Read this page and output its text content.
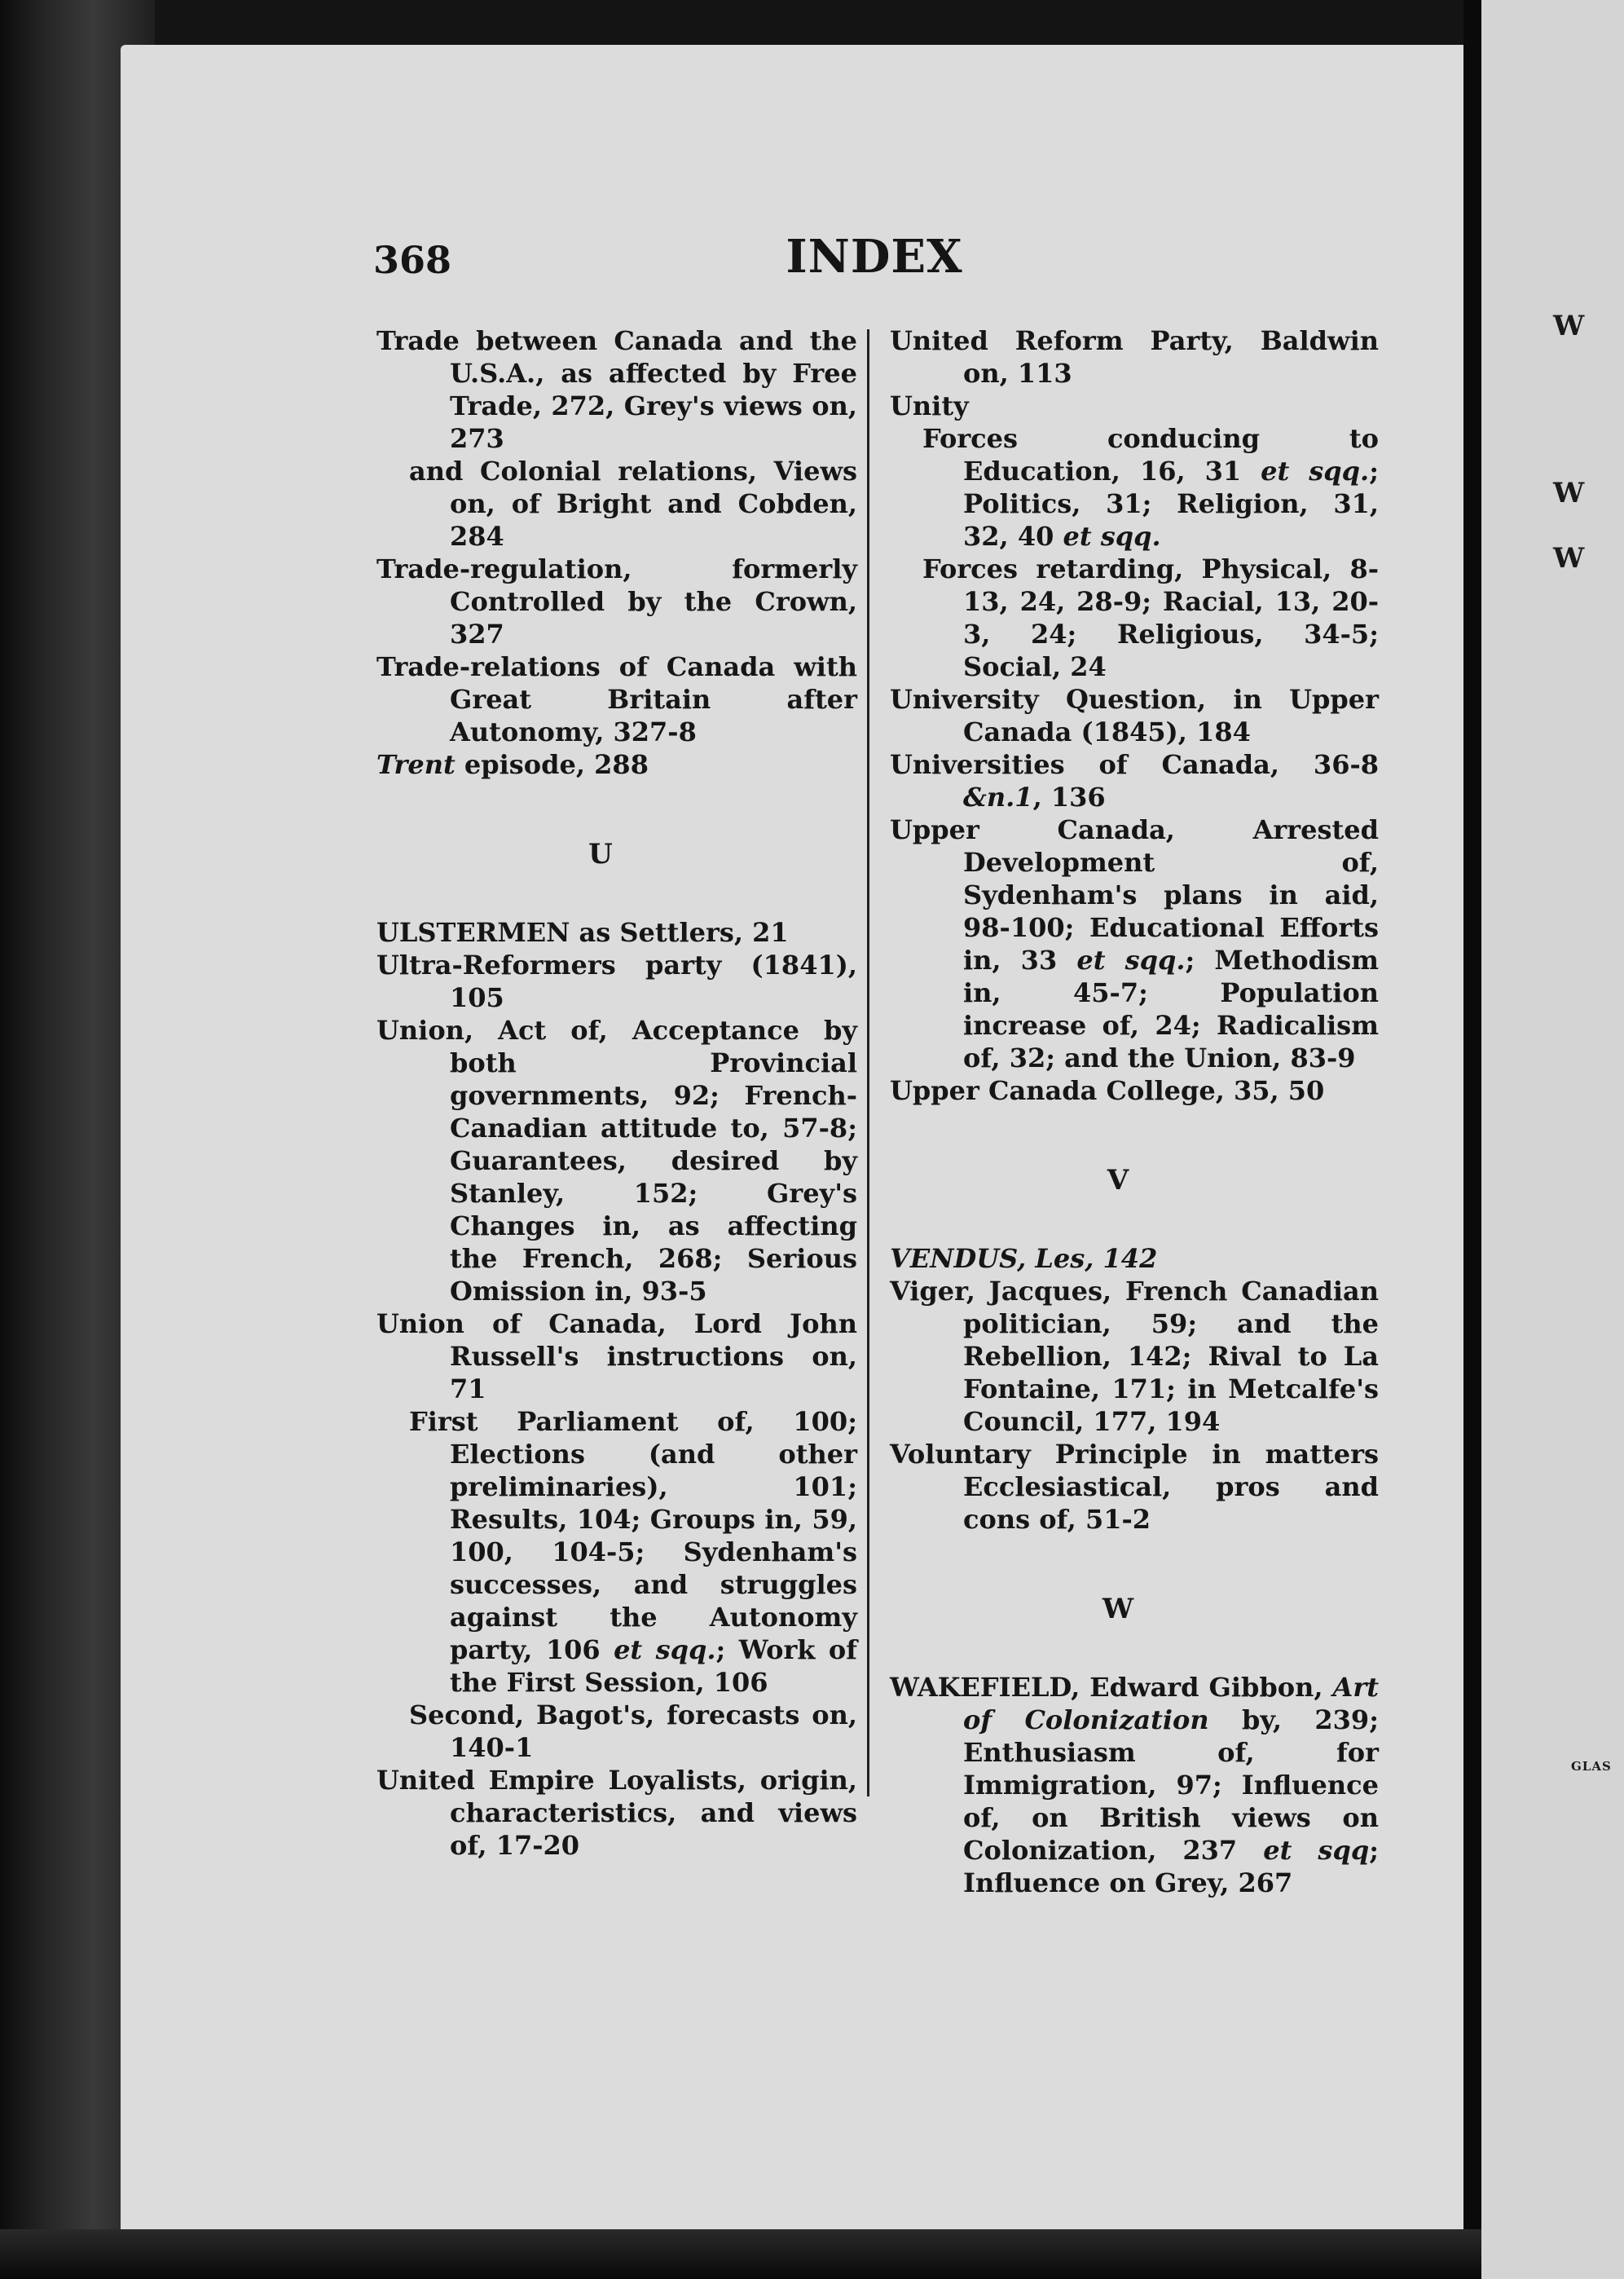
W
W
W
GLAS
368	INDEX

Trade between Canada and the U.S.A., as affected by Free Trade, 272, Grey's views on, 273

and Colonial relations, Views on, of Bright and Cobden, 284

Trade-regulation, formerly Controlled by the Crown, 327

Trade-relations of Canada with Great Britain after Autonomy, 327-8

Trent episode, 288

U

ULSTERMEN as Settlers, 21

Ultra-Reformers party (1841), 105

Union, Act of, Acceptance by both Provincial governments, 92; French-Canadian attitude to, 57-8; Guarantees, desired by Stanley, 152; Grey's Changes in, as affecting the French, 268; Serious Omission in, 93-5

Union of Canada, Lord John Russell's instructions on, 71

First Parliament of, 100; Elections (and other preliminaries), 101; Results, 104; Groups in, 59, 100, 104-5; Sydenham's successes, and struggles against the Autonomy party, 106 et sqq.; Work of the First Session, 106

Second, Bagot's, forecasts on, 140-1

United Empire Loyalists, origin, characteristics, and views of, 17-20

United Reform Party, Baldwin on, 113

Unity

Forces conducing to Education, 16, 31 et sqq.; Politics, 31; Religion, 31, 32, 40 et sqq.

Forces retarding, Physical, 8-13, 24, 28-9; Racial, 13, 20-3, 24; Religious, 34-5; Social, 24

University Question, in Upper Canada (1845), 184

Universities of Canada, 36-8 &n.1, 136

Upper Canada, Arrested Development of, Sydenham's plans in aid, 98-100; Educational Efforts in, 33 et sqq.; Methodism in, 45-7; Population increase of, 24; Radicalism of, 32; and the Union, 83-9

Upper Canada College, 35, 50

V

VENDUS, Les, 142

Viger, Jacques, French Canadian politician, 59; and the Rebellion, 142; Rival to La Fontaine, 171; in Metcalfe's Council, 177, 194

Voluntary Principle in matters Ecclesiastical, pros and cons of, 51-2

W

WAKEFIELD, Edward Gibbon, Art of Colonization by, 239; Enthusiasm of, for Immigration, 97; Influence of, on British views on Colonization, 237 et sqq; Influence on Grey, 267
